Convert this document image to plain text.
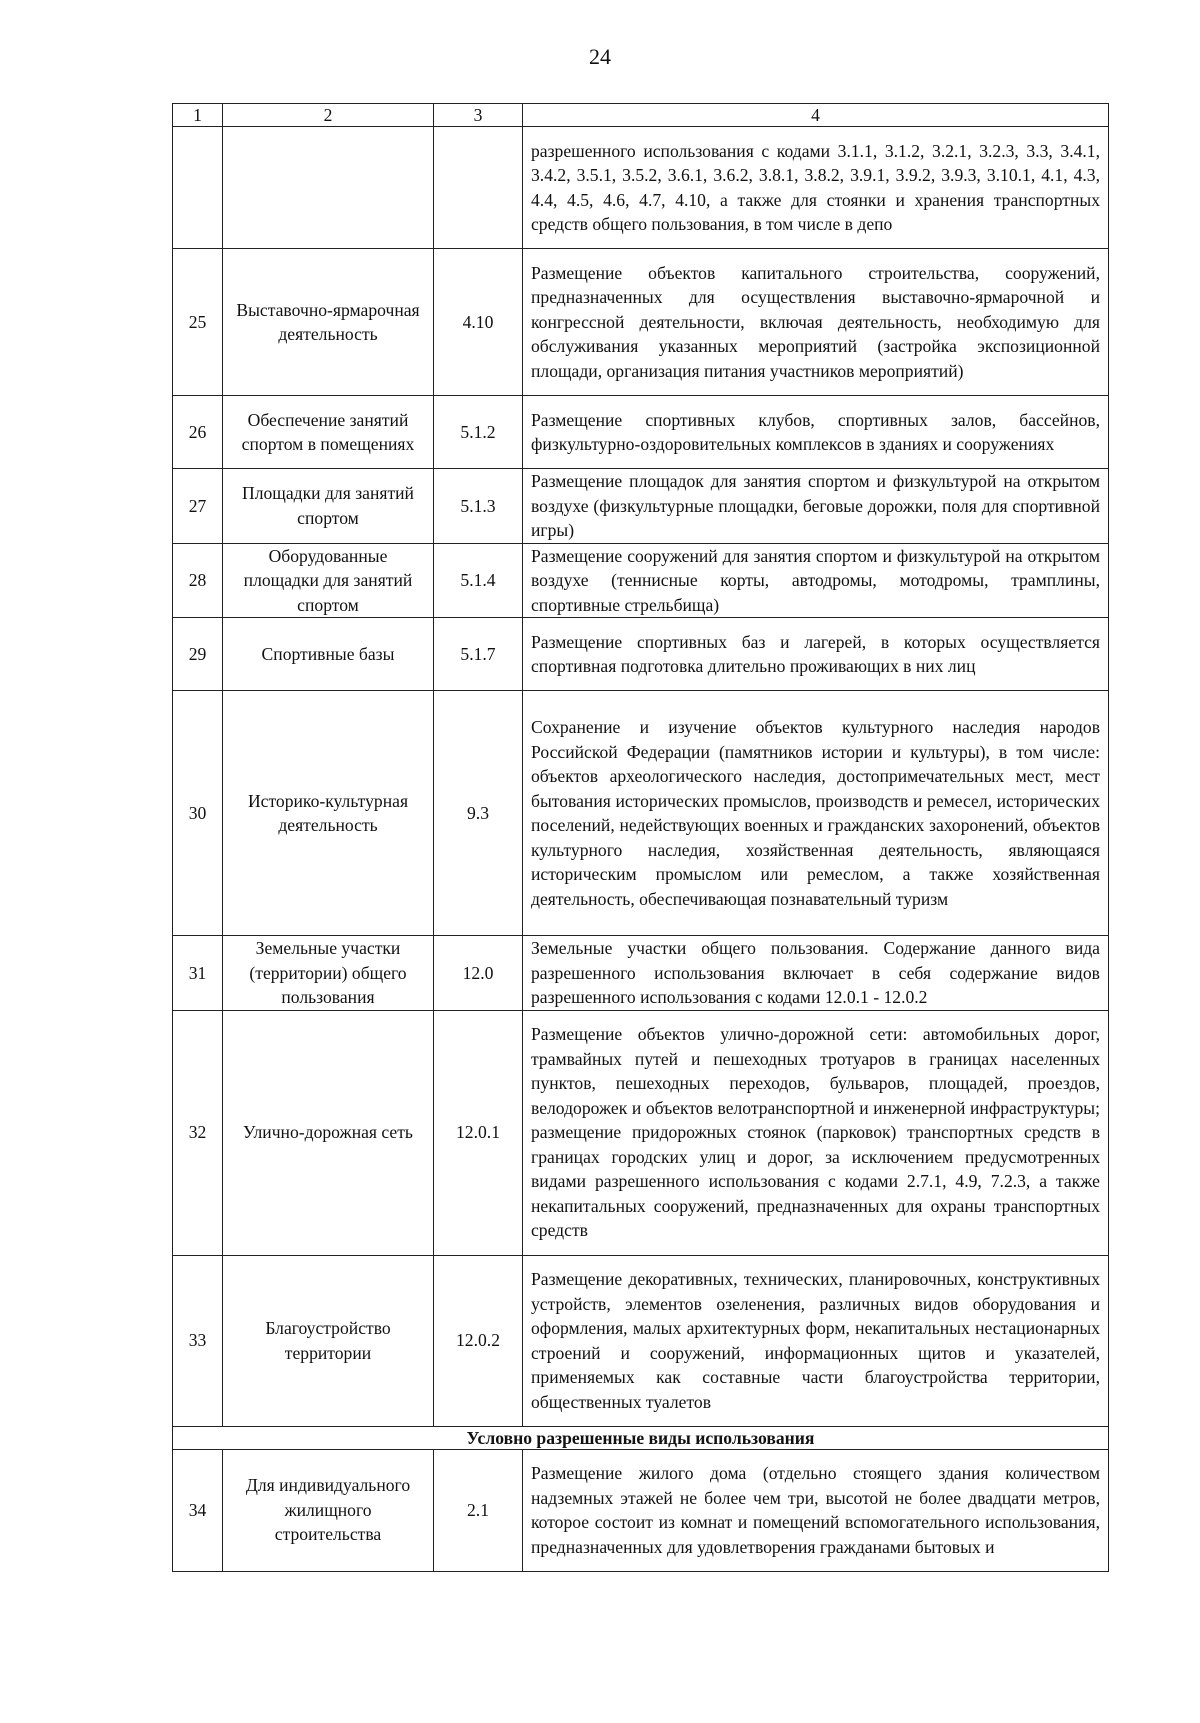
24
1	2	3	4
			разрешенного использования с кодами 3.1.1, 3.1.2, 3.2.1, 3.2.3, 3.3, 3.4.1, 3.4.2, 3.5.1, 3.5.2, 3.6.1, 3.6.2, 3.8.1, 3.8.2, 3.9.1, 3.9.2, 3.9.3, 3.10.1, 4.1, 4.3, 4.4, 4.5, 4.6, 4.7, 4.10, а также для стоянки и хранения транспортных средств общего пользования, в том числе в депо
25	Выставочно-ярмарочная деятельность	4.10	Размещение объектов капитального строительства, сооружений, предназначенных для осуществления выставочно-ярмарочной и конгрессной деятельности, включая деятельность, необходимую для обслуживания указанных мероприятий (застройка экспозиционной площади, организация питания участников мероприятий)
26	Обеспечение занятий спортом в помещениях	5.1.2	Размещение спортивных клубов, спортивных залов, бассейнов, физкультурно-оздоровительных комплексов в зданиях и сооружениях
27	Площадки для занятий спортом	5.1.3	Размещение площадок для занятия спортом и физкультурой на открытом воздухе (физкультурные площадки, беговые дорожки, поля для спортивной игры)
28	Оборудованные площадки для занятий спортом	5.1.4	Размещение сооружений для занятия спортом и физкультурой на открытом воздухе (теннисные корты, автодромы, мотодромы, трамплины, спортивные стрельбища)
29	Спортивные базы	5.1.7	Размещение спортивных баз и лагерей, в которых осуществляется спортивная подготовка длительно проживающих в них лиц
30	Историко-культурная деятельность	9.3	Сохранение и изучение объектов культурного наследия народов Российской Федерации (памятников истории и культуры), в том числе: объектов археологического наследия, достопримечательных мест, мест бытования исторических промыслов, производств и ремесел, исторических поселений, недействующих военных и гражданских захоронений, объектов культурного наследия, хозяйственная деятельность, являющаяся историческим промыслом или ремеслом, а также хозяйственная деятельность, обеспечивающая познавательный туризм
31	Земельные участки (территории) общего пользования	12.0	Земельные участки общего пользования. Содержание данного вида разрешенного использования включает в себя содержание видов разрешенного использования с кодами 12.0.1 - 12.0.2
32	Улично-дорожная сеть	12.0.1	Размещение объектов улично-дорожной сети: автомобильных дорог, трамвайных путей и пешеходных тротуаров в границах населенных пунктов, пешеходных переходов, бульваров, площадей, проездов, велодорожек и объектов велотранспортной и инженерной инфраструктуры; размещение придорожных стоянок (парковок) транспортных средств в границах городских улиц и дорог, за исключением предусмотренных видами разрешенного использования с кодами 2.7.1, 4.9, 7.2.3, а также некапитальных сооружений, предназначенных для охраны транспортных средств
33	Благоустройство территории	12.0.2	Размещение декоративных, технических, планировочных, конструктивных устройств, элементов озеленения, различных видов оборудования и оформления, малых архитектурных форм, некапитальных нестационарных строений и сооружений, информационных щитов и указателей, применяемых как составные части благоустройства территории, общественных туалетов
Условно разрешенные виды использования			
34	Для индивидуального жилищного строительства	2.1	Размещение жилого дома (отдельно стоящего здания количеством надземных этажей не более чем три, высотой не более двадцати метров, которое состоит из комнат и помещений вспомогательного использования, предназначенных для удовлетворения гражданами бытовых и
